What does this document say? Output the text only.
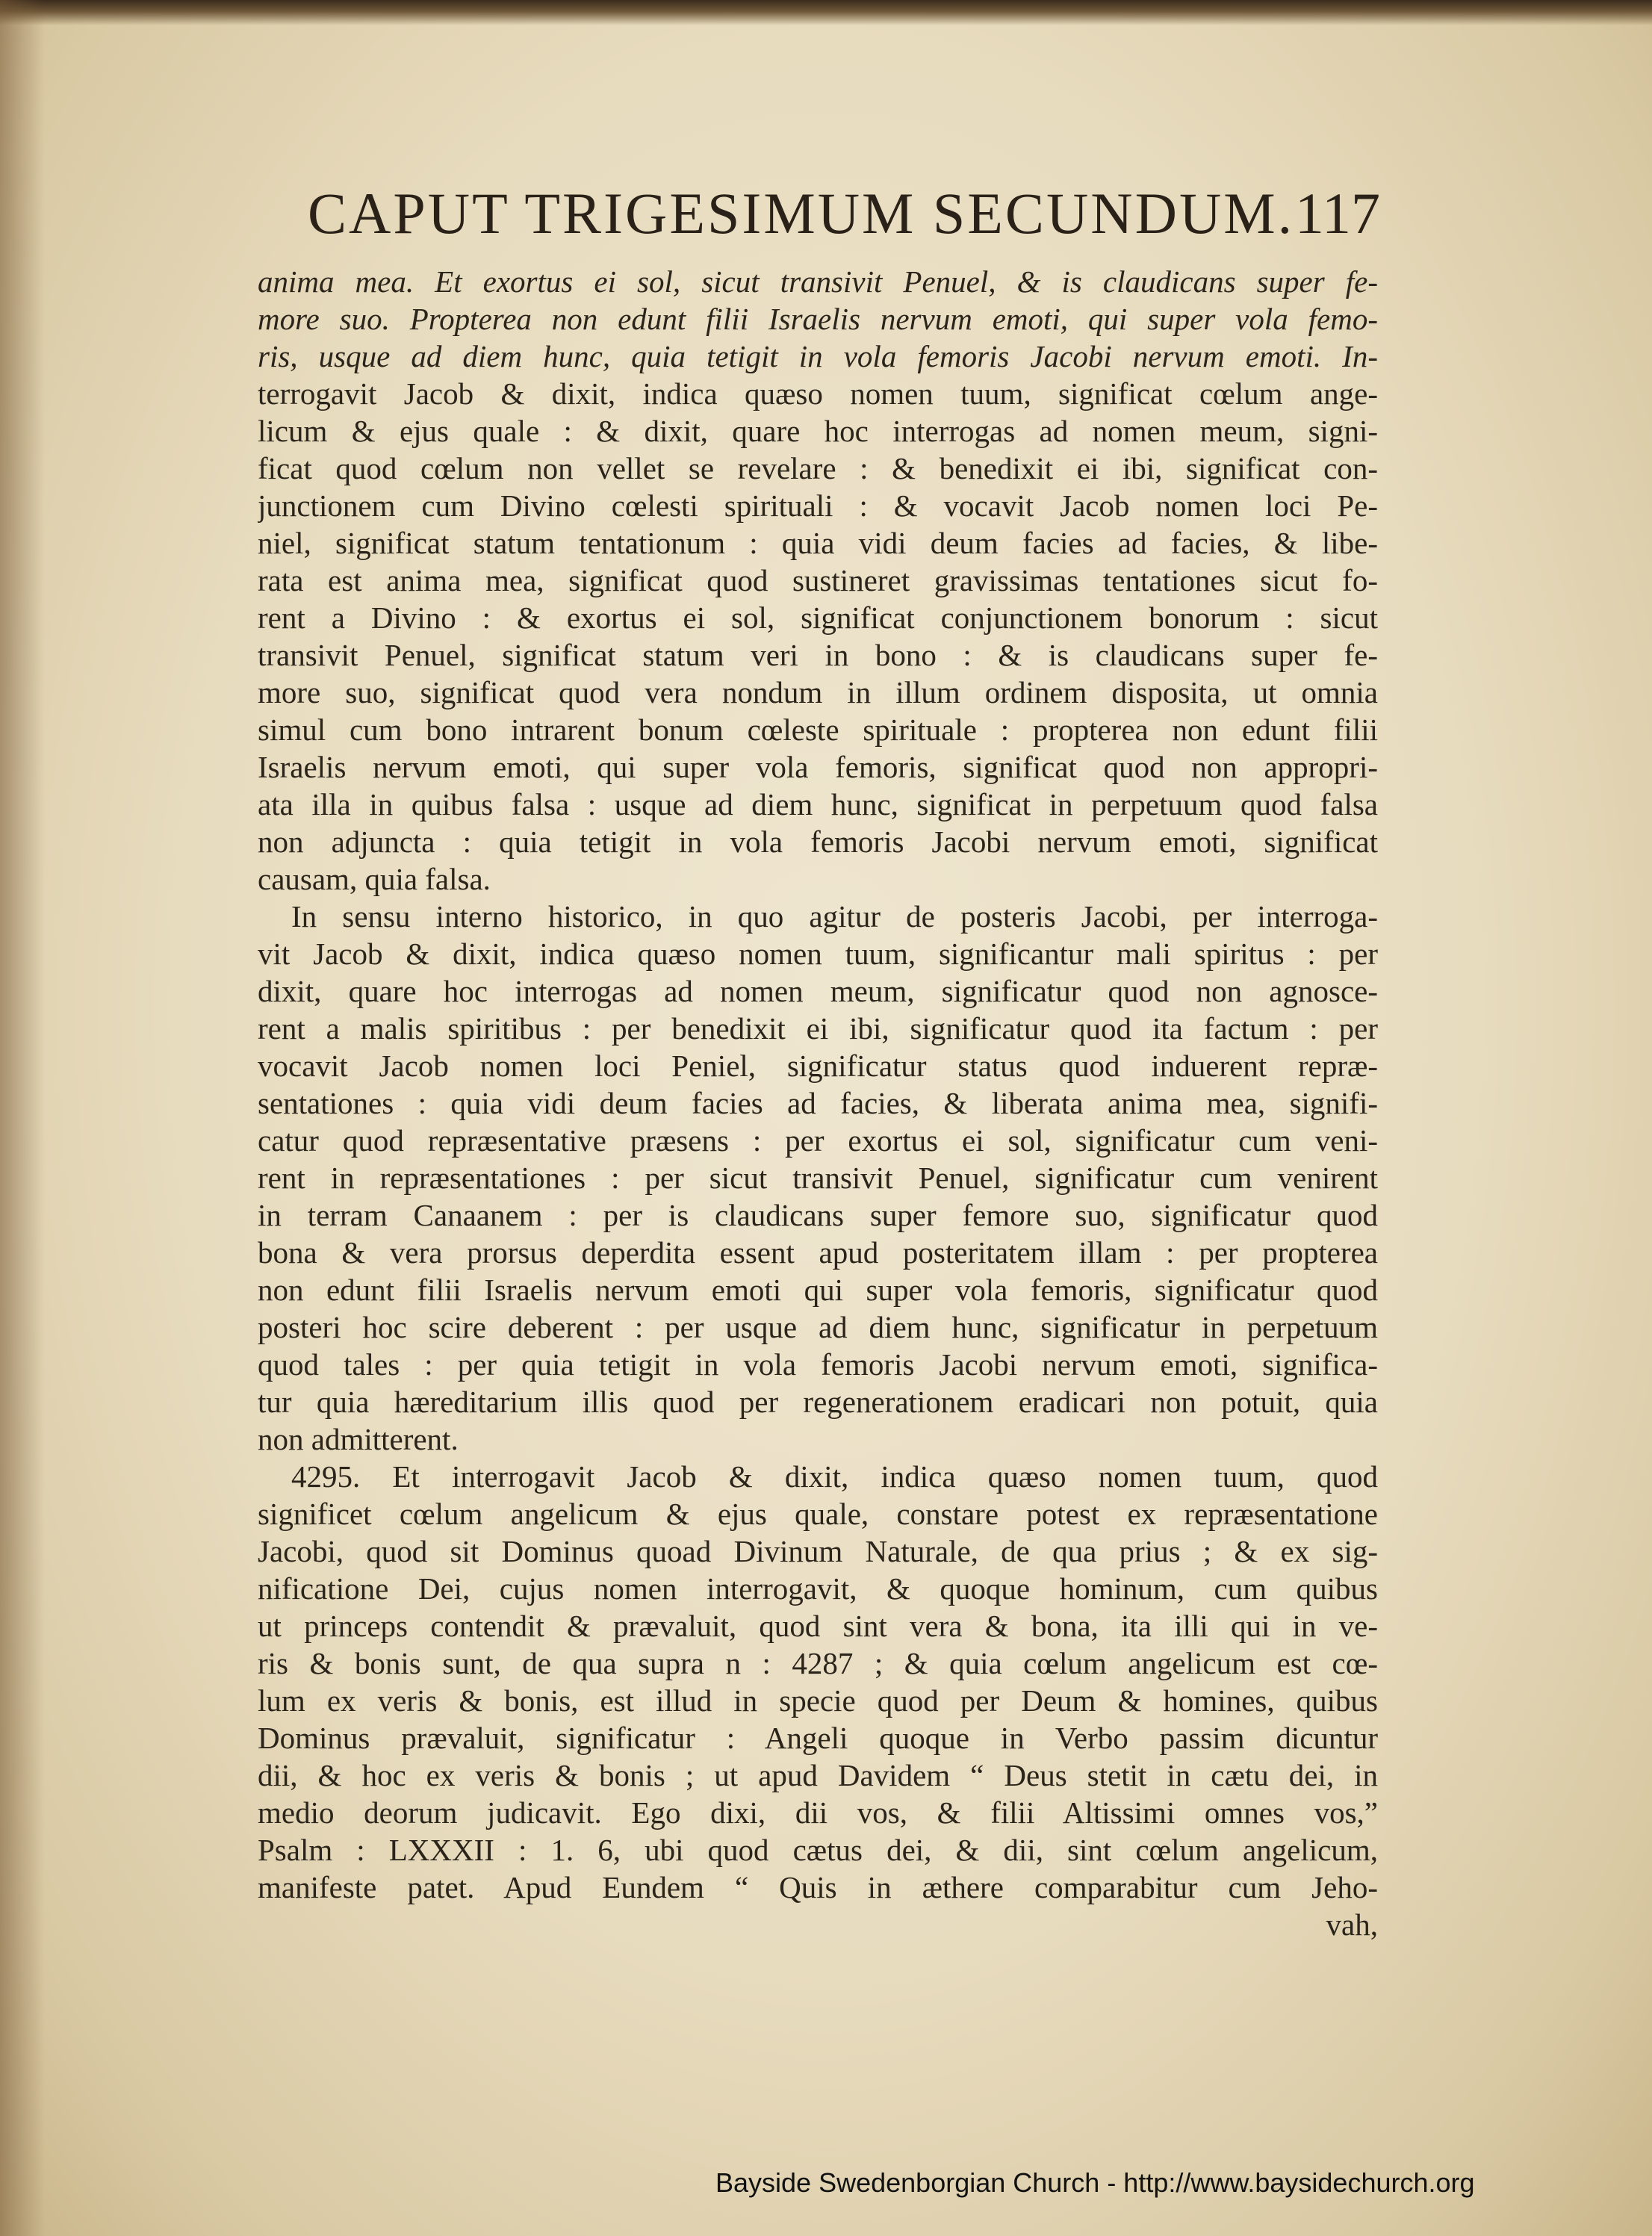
CAPUT TRIGESIMUM SECUNDUM. 117
anima mea. Et exortus ei sol, sicut transivit Penuel, & is claudicans super fe-
more suo. Propterea non edunt filii Israelis nervum emoti, qui super vola femo-
ris, usque ad diem hunc, quia tetigit in vola femoris Jacobi nervum emoti. In-
terrogavit Jacob & dixit, indica quæso nomen tuum, significat cœlum ange-
licum & ejus quale : & dixit, quare hoc interrogas ad nomen meum, signi-
ficat quod cœlum non vellet se revelare : & benedixit ei ibi, significat con-
junctionem cum Divino cœlesti spirituali : & vocavit Jacob nomen loci Pe-
niel, significat statum tentationum : quia vidi deum facies ad facies, & libe-
rata est anima mea, significat quod sustineret gravissimas tentationes sicut fo-
rent a Divino : & exortus ei sol, significat conjunctionem bonorum : sicut
transivit Penuel, significat statum veri in bono : & is claudicans super fe-
more suo, significat quod vera nondum in illum ordinem disposita, ut omnia
simul cum bono intrarent bonum cœleste spirituale : propterea non edunt filii
Israelis nervum emoti, qui super vola femoris, significat quod non appropri-
ata illa in quibus falsa : usque ad diem hunc, significat in perpetuum quod falsa
non adjuncta : quia tetigit in vola femoris Jacobi nervum emoti, significat
causam, quia falsa.
In sensu interno historico, in quo agitur de posteris Jacobi, per interroga-
vit Jacob & dixit, indica quæso nomen tuum, significantur mali spiritus : per
dixit, quare hoc interrogas ad nomen meum, significatur quod non agnosce-
rent a malis spiritibus : per benedixit ei ibi, significatur quod ita factum : per
vocavit Jacob nomen loci Peniel, significatur status quod induerent repræ-
sentationes : quia vidi deum facies ad facies, & liberata anima mea, signifi-
catur quod repræsentative præsens : per exortus ei sol, significatur cum veni-
rent in repræsentationes : per sicut transivit Penuel, significatur cum venirent
in terram Canaanem : per is claudicans super femore suo, significatur quod
bona & vera prorsus deperdita essent apud posteritatem illam : per propterea
non edunt filii Israelis nervum emoti qui super vola femoris, significatur quod
posteri hoc scire deberent : per usque ad diem hunc, significatur in perpetuum
quod tales : per quia tetigit in vola femoris Jacobi nervum emoti, significa-
tur quia hæreditarium illis quod per regenerationem eradicari non potuit, quia
non admitterent.
4295. Et interrogavit Jacob & dixit, indica quæso nomen tuum, quod
significet cœlum angelicum & ejus quale, constare potest ex repræsentatione
Jacobi, quod sit Dominus quoad Divinum Naturale, de qua prius ; & ex sig-
nificatione Dei, cujus nomen interrogavit, & quoque hominum, cum quibus
ut princeps contendit & prævaluit, quod sint vera & bona, ita illi qui in ve-
ris & bonis sunt, de qua supra n : 4287 ; & quia cœlum angelicum est cœ-
lum ex veris & bonis, est illud in specie quod per Deum & homines, quibus
Dominus prævaluit, significatur : Angeli quoque in Verbo passim dicuntur
dii, & hoc ex veris & bonis ; ut apud Davidem “ Deus stetit in cætu dei, in
medio deorum judicavit. Ego dixi, dii vos, & filii Altissimi omnes vos,”
Psalm : LXXXII : 1. 6, ubi quod cætus dei, & dii, sint cœlum angelicum,
manifeste patet. Apud Eundem “ Quis in æthere comparabitur cum Jeho-
vah,
Bayside Swedenborgian Church - http://www.baysidechurch.org
